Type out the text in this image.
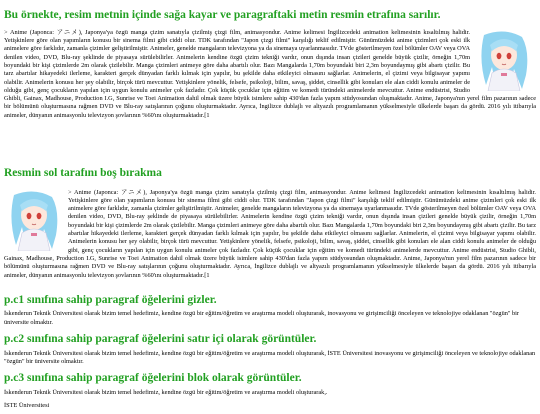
Bu örnekte, resim metnin içinde sağa kayar ve paragraftaki metin resmin etrafına sarılır.

> Anime (Japonca: アニメ), Japonya'ya özgü manga çizim sanatıyla çizilmiş çizgi film, animasyondur. Anime kelimesi İngilizcedeki animation kelimesinin kısaltılmış halidir. Yetişkinlere göre olan yapımların konusu bir sinema filmi gibi ciddi olur. TDK tarafından "Japon çizgi filmi" karşılığı teklif edilmiştir. Günümüzdeki anime çizimleri çok eski ilk animelere göre farklıdır, zamanla çizimler geliştirilmiştir. Animeler, genelde mangaların televizyona ya da sinemaya uyarlanmasıdır. TVde gösterilmeyen özel bölümler OAV veya OVA denilen video, DVD, Blu-ray şeklinde de piyasaya sürülebilirler. Animelerin kendine özgü çizim tekniği vardır, onun dışında insan çizileri genelde büyük çizilir, örneğin 1,70m boyundaki bir kişi çizimlerde 2m olarak çizilebilir. Manga çizimleri animeye göre daha abartılı olur. Bazı Mangalarda 1,70m boyundaki biri 2,3m boyundaymış gibi abartı çizilir. Bu tarz abartılar hikayedeki ilerleme, karakteri gerçek dünyadan farklı kılmak için yapılır, bu şekilde daha etkileyici olmasını sağlarlar. Animelerin, el çizimi veya bilgisayar yapımı olabilir. Animelerin konusu her şey olabilir, birçok türü mevcuttur. Yetişkinlere yönelik, felsefe, psikoloji, bilim, savaş, şiddet, cinsellik gibi konuları ele alan ciddi konulu animeler de olduğu gibi, genç çocukların yapılan için uygun konulu animeler çok fazladır. Çok küçük çocuklar için eğitim ve komedi türündeki animelerde mevcuttur. Anime endüstrisi, Studio Ghibli, Gainax, Madhouse, Production I.G, Sunrise ve Toei Animation dahil olmak üzere büyük isimlere sahip 430'dan fazla yapım stüdyosundan oluşmaktadır. Anime, Japonya'nın yerel film pazarının sadece bir bölümünü oluşturmasına rağmen DVD ve Blu-ray satışlarının çoğunu oluşturmaktadır. Ayrıca, İngilizce dublajlı ve altyazılı programlamanın yükselmesiyle ülkelerde başarı da gördü. 2016 yılı itibarıyla animeler, dünyanın animasyonlu televizyon şovlarının %60'ını oluşturmaktadır.[1

Resmin sol tarafını boş bırakma

> Anime (Japonca: アニメ), Japonya'ya özgü manga çizim sanatıyla çizilmiş çizgi film, animasyondur. Anime kelimesi İngilizcedeki animation kelimesinin kısaltılmış halidir. Yetişkinlere göre olan yapımların konusu bir sinema filmi gibi ciddi olur. TDK tarafından "Japon çizgi filmi" karşılığı teklif edilmiştir. Günümüzdeki anime çizimleri çok eski ilk animelere göre farklıdır, zamanla çizimler geliştirilmiştir. Animeler, genelde mangaların televizyona ya da sinemaya uyarlanmasıdır. TVde gösterilmeyen özel bölümler OAV veya OVA denilen video, DVD, Blu-ray şeklinde de piyasaya sürülebilirler. Animelerin kendine özgü çizim tekniği vardır, onun dışında insan çizileri genelde büyük çizilir, örneğin 1,70m boyundaki bir kişi çizimlerde 2m olarak çizilebilir. Manga çizimleri animeye göre daha abartılı olur. Bazı Mangalarda 1,70m boyundaki biri 2,3m boyundaymış gibi abartı çizilir. Bu tarz abartılar hikayedeki ilerleme, karakteri gerçek dünyadan farklı kılmak için yapılır, bu şekilde daha etkileyici olmasını sağlarlar. Animelerin, el çizimi veya bilgisayar yapımı olabilir. Animelerin konusu her şey olabilir, birçok türü mevcuttur. Yetişkinlere yönelik, felsefe, psikoloji, bilim, savaş, şiddet, cinsellik gibi konuları ele alan ciddi konulu animeler de olduğu gibi, genç çocukların yapılan için uygun konulu animeler çok fazladır. Çok küçük çocuklar için eğitim ve komedi türündeki animelerde mevcuttur. Anime endüstrisi, Studio Ghibli, Gainax, Madhouse, Production I.G, Sunrise ve Toei Animation dahil olmak üzere büyük isimlere sahip 430'dan fazla yapım stüdyosundan oluşmaktadır. Anime, Japonya'nın yerel film pazarının sadece bir bölümünü oluşturmasına rağmen DVD ve Blu-ray satışlarının çoğunu oluşturmaktadır. Ayrıca, İngilizce dublajlı ve altyazılı programlamanın yükselmesiyle ülkelerde başarı da gördü. 2016 yılı itibarıyla animeler, dünyanın animasyonlu televizyon şovlarının %60'ını oluşturmaktadır.[1

p.c1 sınıfına sahip paragraf öğelerini gizler.

İskenderun Teknik Üniversitesi olarak bizim temel hedefimiz, kendine özgü bir eğitim/öğretim ve araştırma modeli oluşturarak, inovasyonu ve girişimciliği önceleyen ve teknolojiye odaklanan "özgün" bir üniversite olmaktır.

p.c2 sınıfına sahip paragraf öğelerini satır içi olarak görüntüler.

İskenderun Teknik Üniversitesi olarak bizim temel hedefimiz, kendine özgü bir eğitim/öğretim ve araştırma modeli oluşturarak, İSTE Üniversitesi inovasyonu ve girişimciliği önceleyen ve teknolojiye odaklanan "özgün" bir üniversite olmaktır.

p.c3 sınıfına sahip paragraf öğelerini blok olarak görüntüler.

İskenderun Teknik Üniversitesi olarak bizim temel hedefimiz, kendine özgü bir eğitim/öğretim ve araştırma modeli oluşturarak,.

İSTE Üniversitesi
